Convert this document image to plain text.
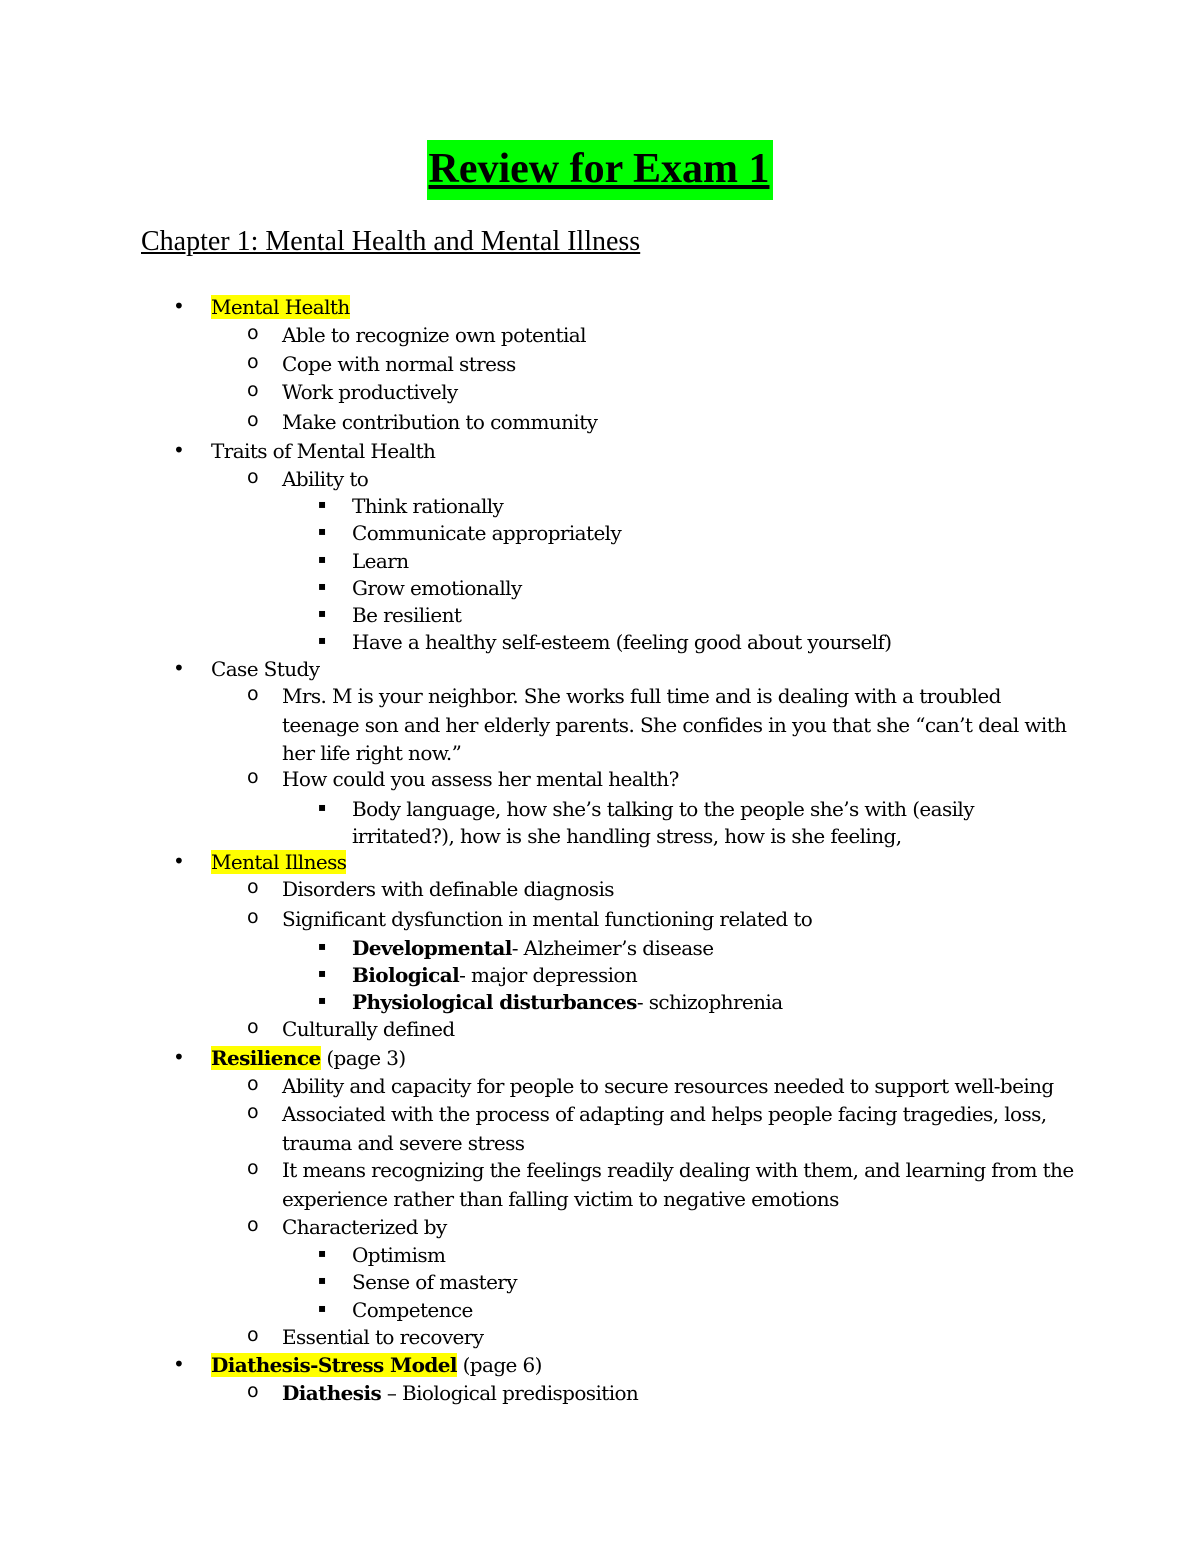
Review for Exam 1
Chapter 1: Mental Health and Mental Illness
• Mental Health
o Able to recognize own potential
o Cope with normal stress
o Work productively
o Make contribution to community
• Traits of Mental Health
o Ability to
▪ Think rationally
▪ Communicate appropriately
▪ Learn
▪ Grow emotionally
▪ Be resilient
▪ Have a healthy self-esteem (feeling good about yourself)
• Case Study
o Mrs. M is your neighbor. She works full time and is dealing with a troubled
teenage son and her elderly parents. She confides in you that she “can’t deal with
her life right now.”
o How could you assess her mental health?
▪ Body language, how she’s talking to the people she’s with (easily
irritated?), how is she handling stress, how is she feeling,
• Mental Illness
o Disorders with definable diagnosis
o Significant dysfunction in mental functioning related to
▪ Developmental- Alzheimer’s disease
▪ Biological- major depression
▪ Physiological disturbances- schizophrenia
o Culturally defined
• Resilience (page 3)
o Ability and capacity for people to secure resources needed to support well-being
o Associated with the process of adapting and helps people facing tragedies, loss,
trauma and severe stress
o It means recognizing the feelings readily dealing with them, and learning from the
experience rather than falling victim to negative emotions
o Characterized by
▪ Optimism
▪ Sense of mastery
▪ Competence
o Essential to recovery
• Diathesis-Stress Model (page 6)
o Diathesis – Biological predisposition
